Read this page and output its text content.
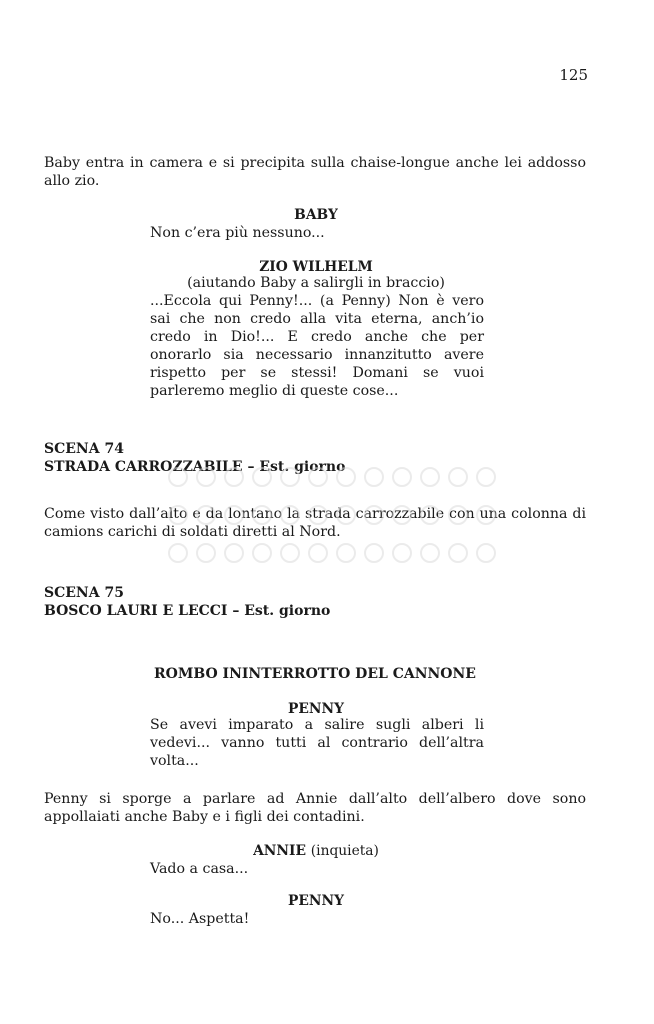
125
Baby entra in camera e si precipita sulla chaise-longue anche lei addosso allo zio.
BABY
Non c’era più nessuno...
ZIO WILHELM
(aiutando Baby a salirgli in braccio)
...Eccola qui Penny!... (a Penny) Non è vero sai che non credo alla vita eterna, anch’io credo in Dio!... E credo anche che per onorarlo sia necessario innanzitutto avere rispetto per se stessi! Domani se vuoi parleremo meglio di queste cose...
SCENA 74
STRADA CARROZZABILE – Est. giorno
Come visto dall’alto e da lontano la strada carrozzabile con una colonna di camions carichi di soldati diretti al Nord.
SCENA 75
BOSCO LAURI E LECCI – Est. giorno
ROMBO ININTERROTTO DEL CANNONE
PENNY
Se avevi imparato a salire sugli alberi li vedevi... vanno tutti al contrario dell’altra volta...
Penny si sporge a parlare ad Annie dall’alto dell’albero dove sono appollaiati anche Baby e i figli dei contadini.
ANNIE (inquieta)
Vado a casa...
PENNY
No... Aspetta!
